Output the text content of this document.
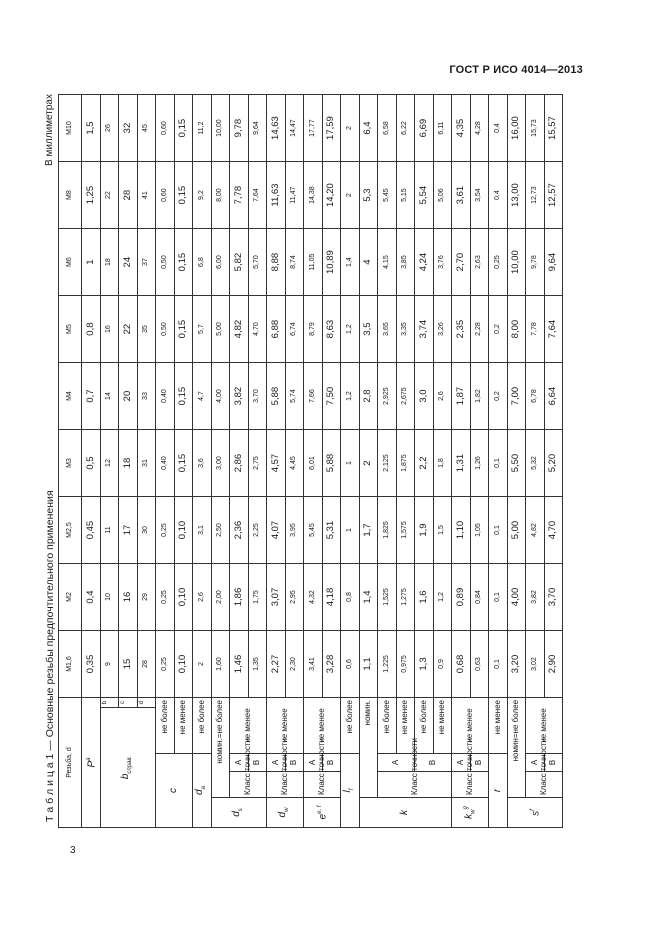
ГОСТ Р ИСО 4014—2013
Т а б л и ц а 1 — Основные резьбы предпочтительного применения
В миллиметрах
Резьба, d					M1,6	M2	M2,5	M3	M4	M5	M6	M8	M10
$P^a$					0,35	0,4	0,45	0,5	0,7	0,8	1	1,25	1,5
$b_{справ.}$				b	9	10	11	12	14	16	18	22	26
				c	15	16	17	18	20	22	24	28	32
				d	28	29	30	31	33	35	37	41	45
c			не более		0,25	0,25	0,25	0,40	0,40	0,50	0,50	0,60	0,60
			не менее		0,10	0,10	0,10	0,15	0,15	0,15	0,15	0,15	0,15
$d_a$			не более		2	2,6	3,1	3,6	4,7	5,7	6,8	9,2	11,2
$d_s$	номин.=не более				1,60	2,00	2,50	3,00	4,00	5,00	6,00	8,00	10,00
	Класс точности	A	не менее		1,46	1,86	2,36	2,86	3,82	4,82	5,82	7,78	9,78
		B			1,35	1,75	2,25	2,75	3,70	4,70	5,70	7,64	9,64
$d_w$	Класс точности	A	не менее		2,27	3,07	4,07	4,57	5,88	6,88	8,88	11,63	14,63
		B			2,30	2,95	3,95	4,45	5,74	6,74	8,74	11,47	14,47
$e^{e, f}$	Класс точности	A	не менее		3,41	4,32	5,45	6,01	7,66	8,79	11,05	14,38	17,77
		B			3,28	4,18	5,31	5,88	7,50	8,63	10,89	14,20	17,59
$l_f$			не более		0,6	0,8	1	1	1,2	1,2	1,4	2	2
k	номин.				1,1	1,4	1,7	2	2,8	3,5	4	5,3	6,4
	Класс точности	A	не более		1,225	1,525	1,825	2,125	2,925	3,65	4,15	5,45	6,58
			не менее		0,975	1,275	1,575	1,875	2,675	3,35	3,85	5,15	6,22
		B	не более		1,3	1,6	1,9	2,2	3,0	3,74	4,24	5,54	6,69
			не менее		0,9	1,2	1,5	1,8	2,6	3,26	3,76	5,06	6,11
$k_w^g$	Класс точности	A	не менее		0,68	0,89	1,10	1,31	1,87	2,35	2,70	3,61	4,35
		B			0,63	0,84	1,05	1,26	1,82	2,28	2,63	3,54	4,28
r			не менее		0,1	0,1	0,1	0,1	0,2	0,2	0,25	0,4	0,4
$s^f$	номин=не более				3,20	4,00	5,00	5,50	7,00	8,00	10,00	13,00	16,00
	Класс точности	A	не менее		3,02	3,82	4,82	5,32	6,78	7,78	9,78	12,73	15,73
		B			2,90	3,70	4,70	5,20	6,64	7,64	9,64	12,57	15,57
3
